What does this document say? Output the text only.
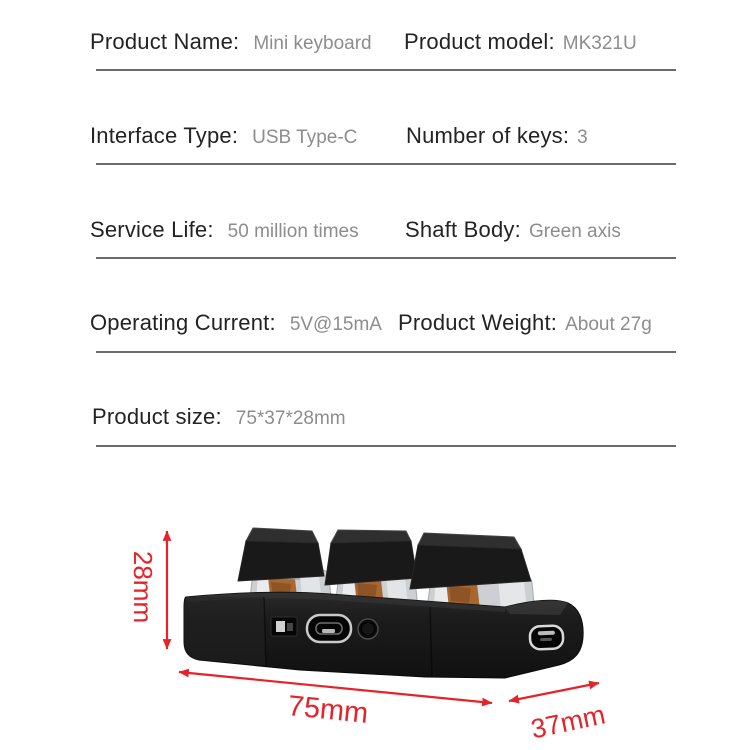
Product Name: Mini keyboard Product model: MK321U
Interface Type: USB Type-C Number of keys: 3
Service Life: 50 million times Shaft Body: Green axis
Operating Current: 5V@15mA Product Weight: About 27g
Product size: 75*37*28mm
28mm
75mm	37mm
